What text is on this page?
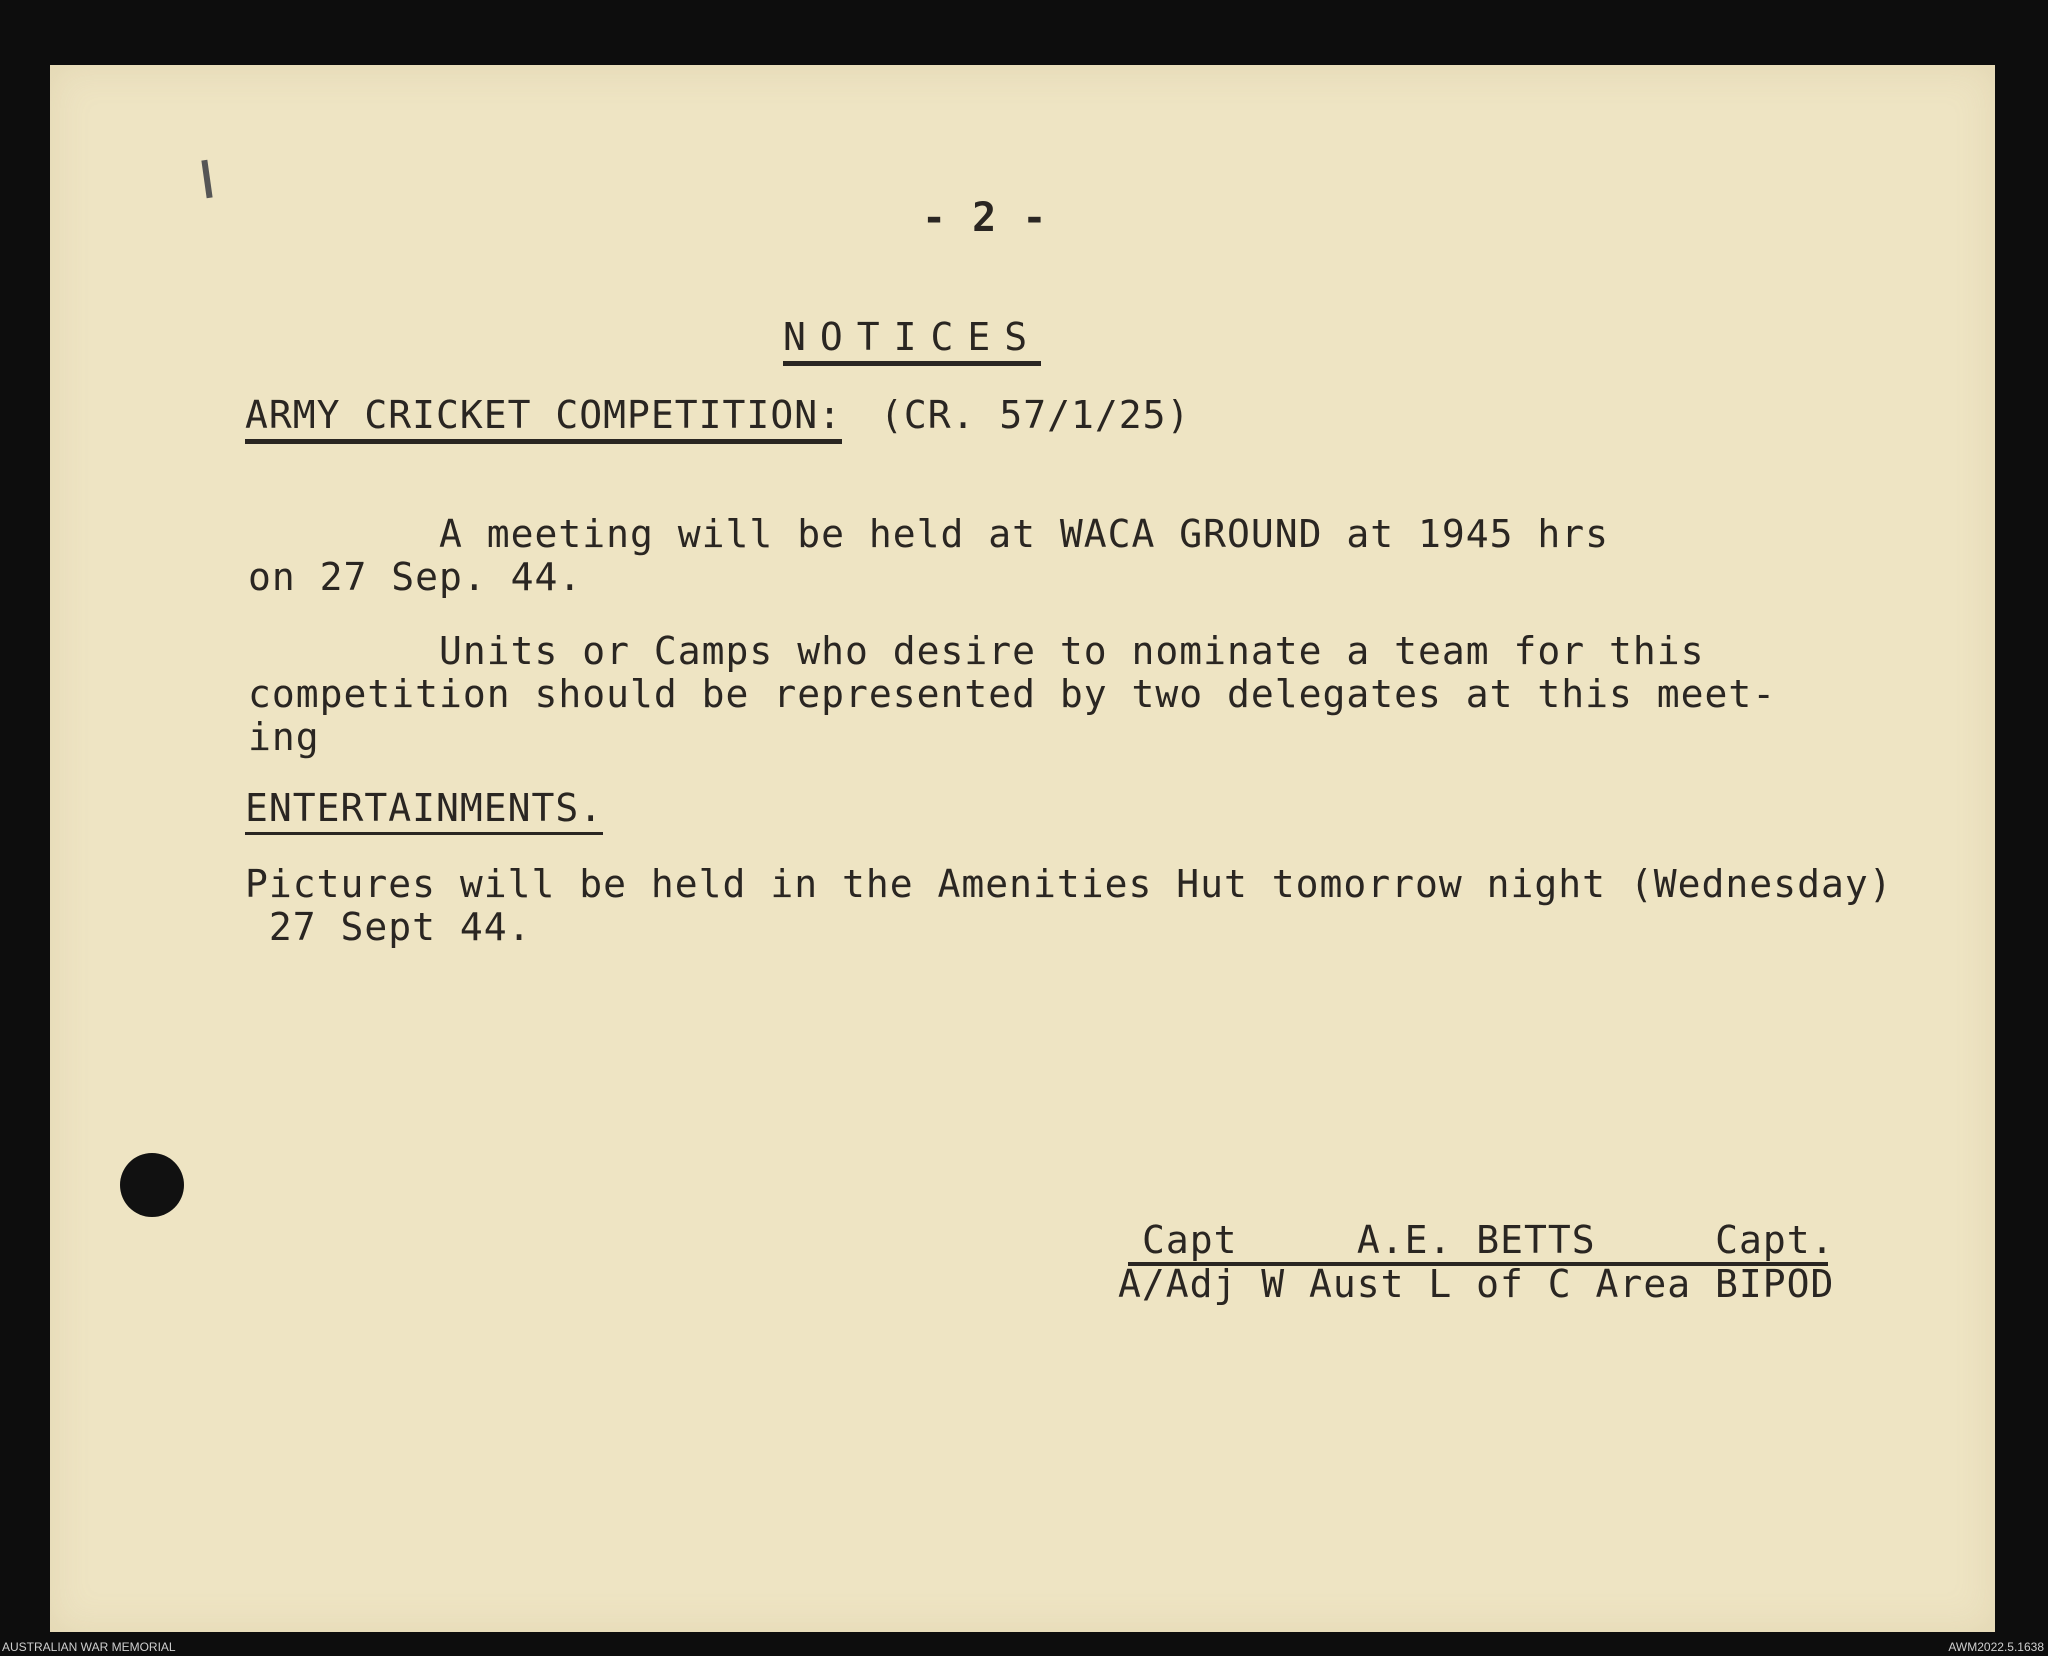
- 2 -
NOTICES
ARMY CRICKET COMPETITION: (CR. 57/1/25)
A meeting will be held at WACA GROUND at 1945 hrs
on 27 Sep. 44.
Units or Camps who desire to nominate a team for this
competition should be represented by two delegates at this meet-
ing
ENTERTAINMENTS.
Pictures will be held in the Amenities Hut tomorrow night (Wednesday)
27 Sept 44.
Capt     A.E. BETTS     Capt.
A/Adj W Aust L of C Area BIPOD
AUSTRALIAN WAR MEMORIAL	AWM2022.5.1638
